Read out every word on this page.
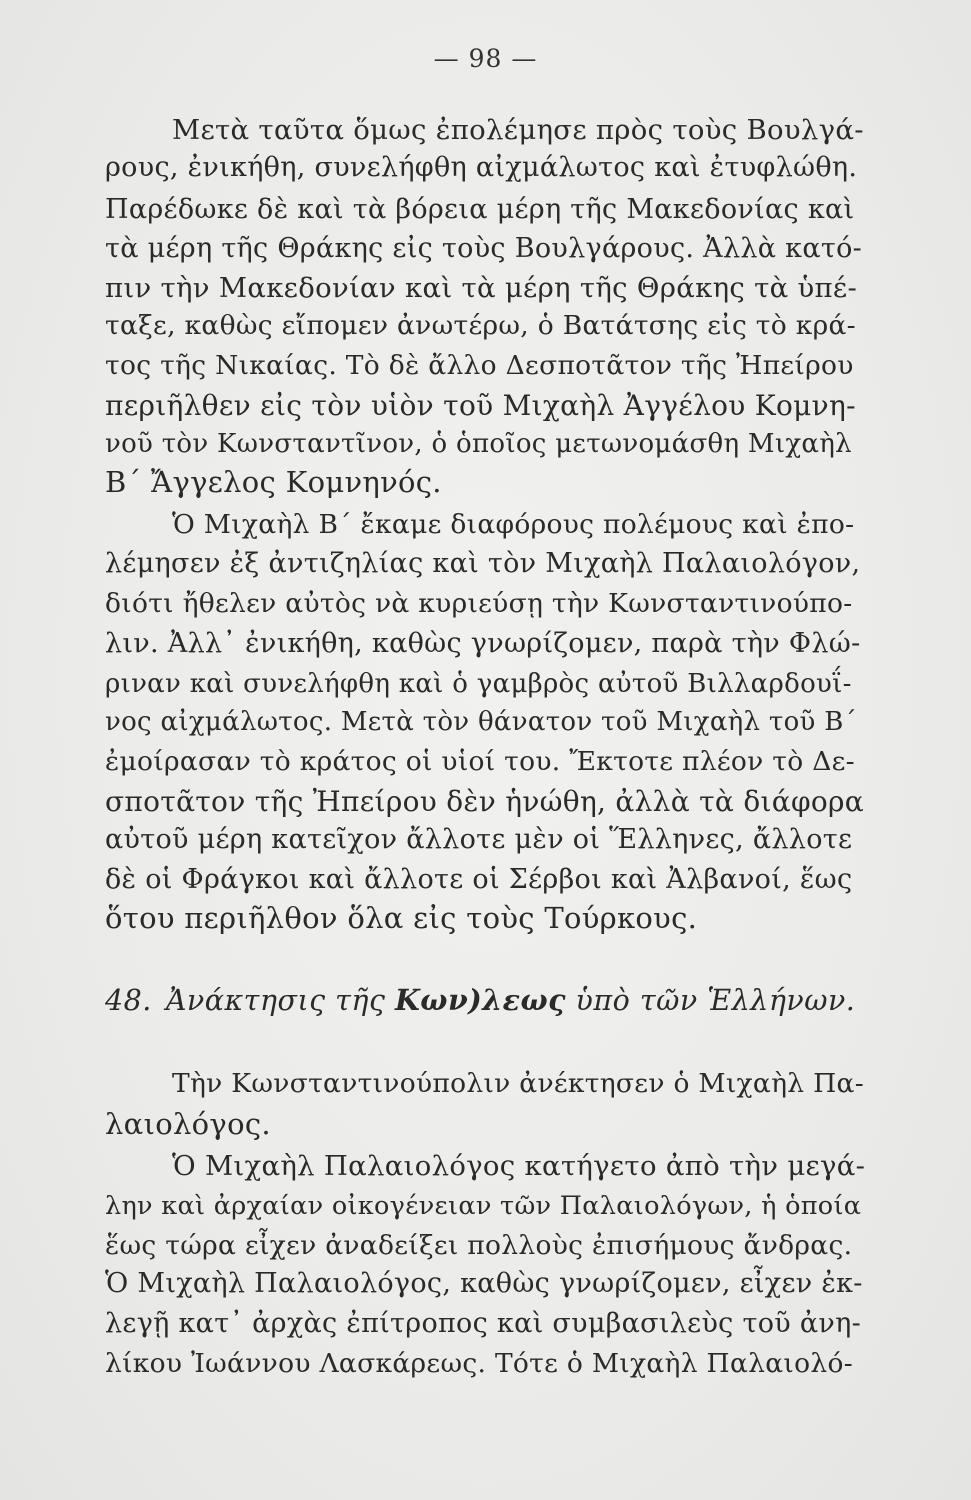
— 98 —
Μετὰ ταῦτα ὅμως ἐπολέμησε πρὸς τοὺς Βουλγά-
ρους, ἐνικήθη, συνελήφθη αἰχμάλωτος καὶ ἐτυφλώθη.
Παρέδωκε δὲ καὶ τὰ βόρεια μέρη τῆς Μακεδονίας καὶ
τὰ μέρη τῆς Θράκης εἰς τοὺς Βουλγάρους. Ἀλλὰ κατό-
πιν τὴν Μακεδονίαν καὶ τὰ μέρη τῆς Θράκης τὰ ὑπέ-
ταξε, καθὼς εἴπομεν ἀνωτέρω, ὁ Βατάτσης εἰς τὸ κρά-
τος τῆς Νικαίας. Τὸ δὲ ἄλλο Δεσποτᾶτον τῆς Ἠπείρου
περιῆλθεν εἰς τὸν υἱὸν τοῦ Μιχαὴλ Ἀγγέλου Κομνη-
νοῦ τὸν Κωνσταντῖνον, ὁ ὁποῖος μετωνομάσθη Μιχαὴλ
Β΄ Ἄγγελος Κομνηνός.
Ὁ Μιχαὴλ Β΄ ἔκαμε διαφόρους πολέμους καὶ ἐπο-
λέμησεν ἐξ ἀντιζηλίας καὶ τὸν Μιχαὴλ Παλαιολόγον,
διότι ἤθελεν αὐτὸς νὰ κυριεύσῃ τὴν Κωνσταντινούπο-
λιν. Ἀλλ᾽ ἐνικήθη, καθὼς γνωρίζομεν, παρὰ τὴν Φλώ-
ριναν καὶ συνελήφθη καὶ ὁ γαμβρὸς αὐτοῦ Βιλλαρδουΐ-
νος αἰχμάλωτος. Μετὰ τὸν θάνατον τοῦ Μιχαὴλ τοῦ Β΄
ἐμοίρασαν τὸ κράτος οἱ υἱοί του. Ἔκτοτε πλέον τὸ Δε-
σποτᾶτον τῆς Ἠπείρου δὲν ἡνώθη, ἀλλὰ τὰ διάφορα
αὐτοῦ μέρη κατεῖχον ἄλλοτε μὲν οἱ Ἕλληνες, ἄλλοτε
δὲ οἱ Φράγκοι καὶ ἄλλοτε οἱ Σέρβοι καὶ Ἀλβανοί, ἕως
ὅτου περιῆλθον ὅλα εἰς τοὺς Τούρκους.
48. Ἀνάκτησις τῆς Κων)λεως ὑπὸ τῶν Ἑλλήνων.
Τὴν Κωνσταντινούπολιν ἀνέκτησεν ὁ Μιχαὴλ Πα-
λαιολόγος.
Ὁ Μιχαὴλ Παλαιολόγος κατήγετο ἀπὸ τὴν μεγά-
λην καὶ ἀρχαίαν οἰκογένειαν τῶν Παλαιολόγων, ἡ ὁποία
ἕως τώρα εἶχεν ἀναδείξει πολλοὺς ἐπισήμους ἄνδρας.
Ὁ Μιχαὴλ Παλαιολόγος, καθὼς γνωρίζομεν, εἶχεν ἐκ-
λεγῇ κατ᾽ ἀρχὰς ἐπίτροπος καὶ συμβασιλεὺς τοῦ ἀνη-
λίκου Ἰωάννου Λασκάρεως. Τότε ὁ Μιχαὴλ Παλαιολό-
